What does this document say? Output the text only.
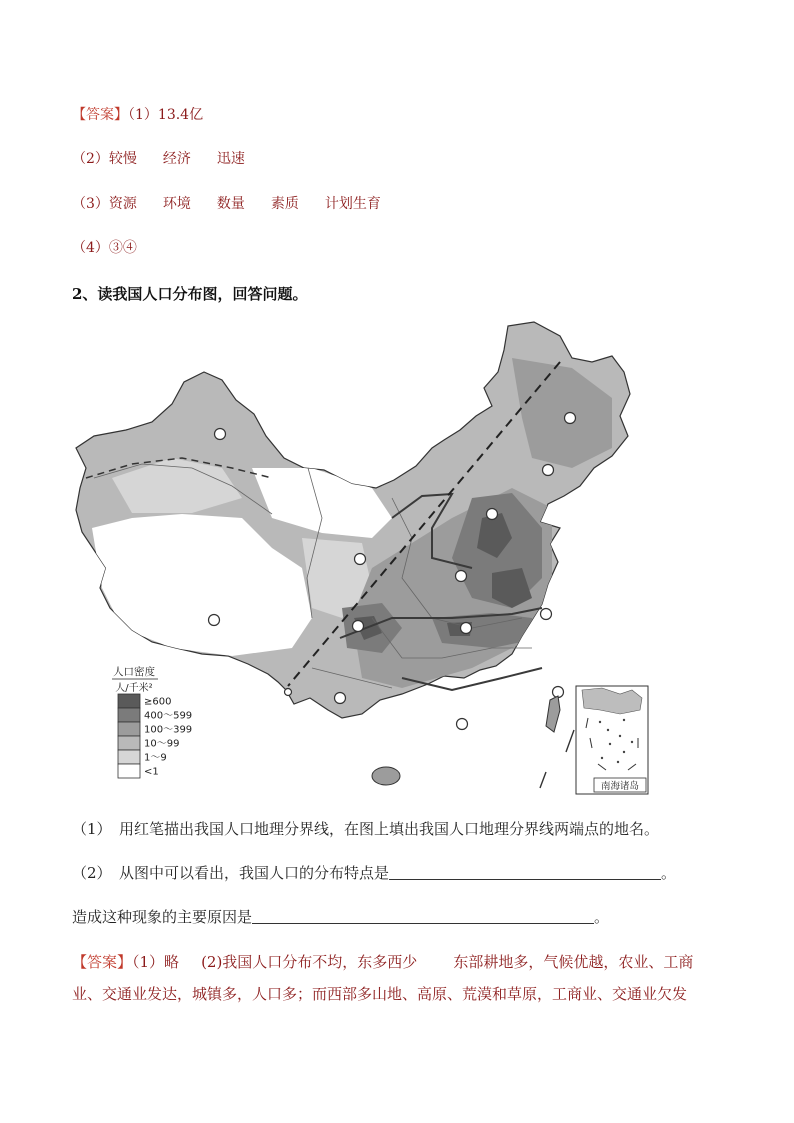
【答案】（1）13.4亿
（2）较慢 经济 迅速
（3）资源 环境 数量 素质 计划生育
（4）③④
2、读我国人口分布图，回答问题。
人口密度
人/千米²
≥600
400～599
100～399
10～99
1～9
<1
南海诸岛
（1）　用红笔描出我国人口地理分界线，在图上填出我国人口地理分界线两端点的地名。
（2）　从图中可以看出，我国人口的分布特点是	。
造成这种现象的主要原因是	。
【答案】（1）略 (2)我国人口分布不均，东多西少 东部耕地多，气候优越，农业、工商
业、交通业发达，城镇多，人口多；而西部多山地、高原、荒漠和草原，工商业、交通业欠发
